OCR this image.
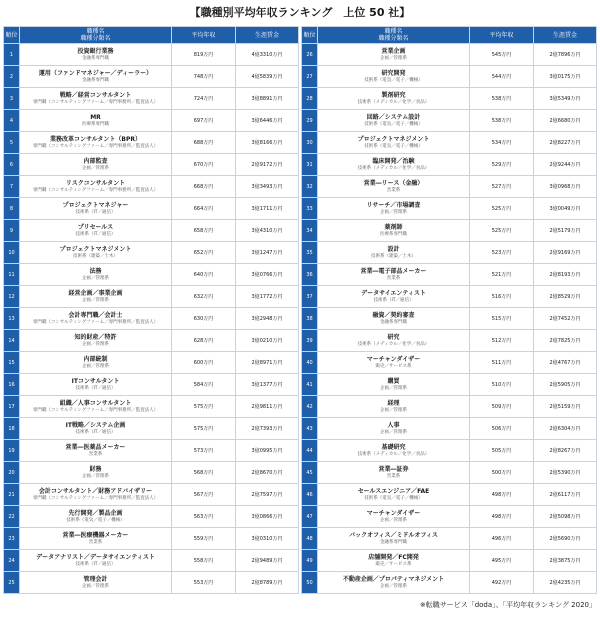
【職種別平均年収ランキング　上位 50 社】
順位	職種名
職種分類名	平均年収	生涯賃金
1	投資銀行業務
金融系専門職	819万円	4億3310万円
2	運用（ファンドマネジャー／ディーラー）
金融系専門職	748万円	4億5839万円
3	戦略／経営コンサルタント
専門職（コンサルティングファーム／専門事務所／監査法人）	724万円	3億8891万円
4	MR
医療系専門職	697万円	3億6446万円
5	業務改革コンサルタント（BPR）
専門職（コンサルティングファーム／専門事務所／監査法人）	688万円	3億8166万円
6	内部監査
企画／管理系	670万円	2億9172万円
7	リスクコンサルタント
専門職（コンサルティングファーム／専門事務所／監査法人）	668万円	3億3493万円
8	プロジェクトマネジャー
技術系（IT／通信）	664万円	3億1711万円
9	プリセールス
技術系（IT／通信）	658万円	3億4310万円
10	プロジェクトマネジメント
技術系（建築／土木）	652万円	3億1247万円
11	法務
企画／管理系	640万円	3億0766万円
12	経営企画／事業企画
企画／管理系	632万円	3億1772万円
13	会計専門職／会計士
専門職（コンサルティングファーム／専門事務所／監査法人）	630万円	3億2948万円
14	知的財産／特許
企画／管理系	628万円	3億0210万円
15	内部統制
企画／管理系	600万円	2億8971万円
16	ITコンサルタント
技術系（IT／通信）	584万円	3億1377万円
17	組織／人事コンサルタント
専門職（コンサルティングファーム／専門事務所／監査法人）	575万円	2億9811万円
18	IT戦略／システム企画
技術系（IT／通信）	575万円	2億7393万円
19	営業―医薬品メーカー
営業系	573万円	3億0995万円
20	財務
企画／管理系	568万円	2億8670万円
21	会計コンサルタント／財務アドバイザリー
専門職（コンサルティングファーム／専門事務所／監査法人）	567万円	2億7597万円
22	先行開発／製品企画
技術系（電気／電子／機械）	563万円	3億0866万円
23	営業―医療機器メーカー
営業系	559万円	3億0310万円
24	データアナリスト／データサイエンティスト
技術系（IT／通信）	558万円	2億9489万円
25	管理会計
企画／管理系	553万円	2億8789万円
順位	職種名
職種分類名	平均年収	生涯賃金
26	営業企画
企画／管理系	545万円	2億7896万円
27	研究開発
技術系（電気／電子／機械）	544万円	3億0175万円
28	製剤研究
技術系（メディカル／化学／食品）	538万円	3億5349万円
29	回路／システム設計
技術系（電気／電子／機械）	538万円	2億6680万円
30	プロジェクトマネジメント
技術系（電気／電子／機械）	534万円	2億8227万円
31	臨床開発／治験
技術系（メディカル／化学／食品）	529万円	2億9244万円
32	営業―リース（金融）
営業系	527万円	3億0968万円
33	リサーチ／市場調査
企画／管理系	525万円	3億0049万円
34	薬剤師
医療系専門職	525万円	2億5179万円
35	設計
技術系（建築／土木）	523万円	2億9169万円
36	営業―電子部品メーカー
営業系	521万円	2億8193万円
37	データサイエンティスト
技術系（IT／通信）	516万円	2億8529万円
38	融資／契約審査
金融系専門職	515万円	2億7452万円
39	研究
技術系（メディカル／化学／食品）	512万円	2億7825万円
40	マーチャンダイザー
販売／サービス系	511万円	2億4767万円
41	購買
企画／管理系	510万円	2億5905万円
42	経理
企画／管理系	509万円	2億5159万円
43	人事
企画／管理系	506万円	2億6304万円
44	基礎研究
技術系（メディカル／化学／食品）	505万円	2億8267万円
45	営業―証券
営業系	500万円	2億5390万円
46	セールスエンジニア／FAE
技術系（電気／電子／機械）	498万円	2億6117万円
47	マーチャンダイザー
企画／管理系	498万円	2億5098万円
48	バックオフィス／ミドルオフィス
金融系専門職	496万円	2億5690万円
49	店舗開発／FC開発
販売／サービス系	495万円	2億3875万円
50	不動産企画／プロパティマネジメント
企画／管理系	492万円	2億4235万円
※転職サービス「doda」、「平均年収ランキング 2020」
